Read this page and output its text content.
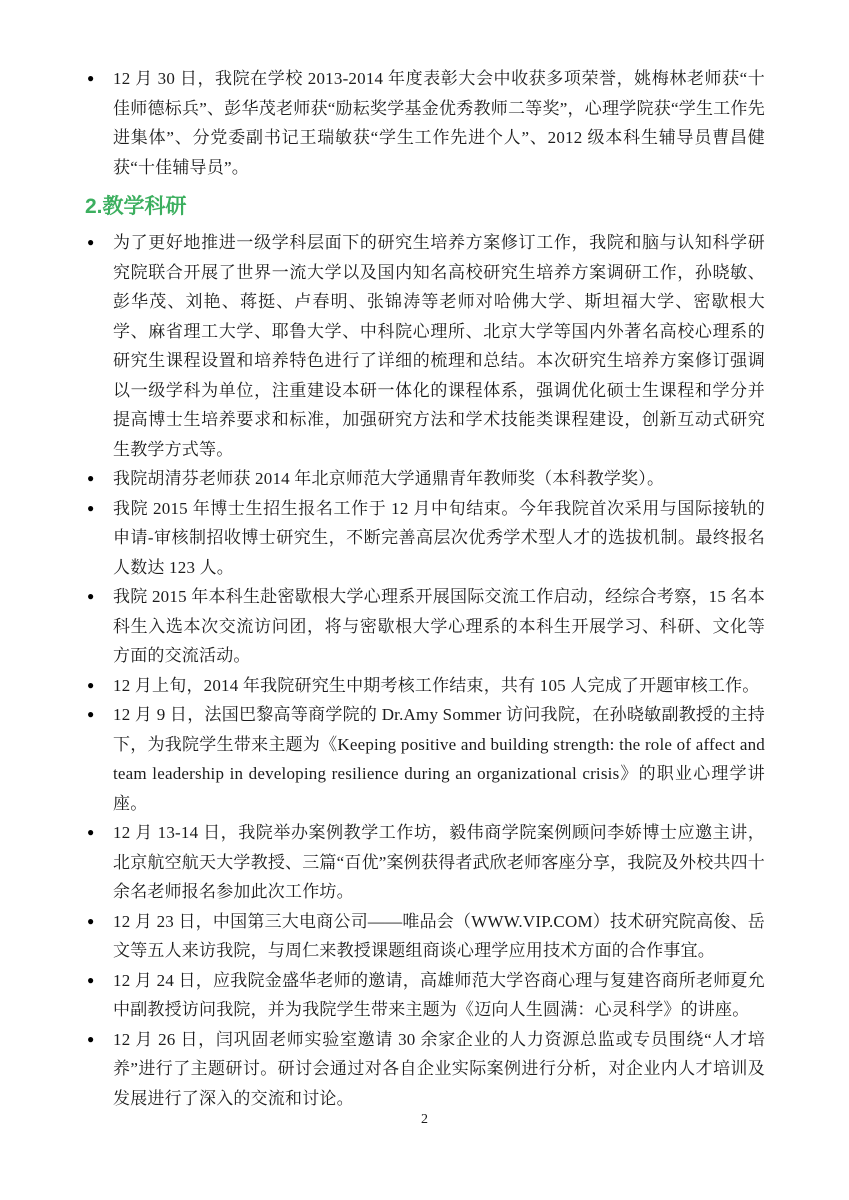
● 12 月 30 日，我院在学校 2013-2014 年度表彰大会中收获多项荣誉，姚梅林老师获“十佳师德标兵”、彭华茂老师获“励耘奖学基金优秀教师二等奖”，心理学院获“学生工作先进集体”、分党委副书记王瑞敏获“学生工作先进个人”、2012 级本科生辅导员曹昌健获“十佳辅导员”。
2.教学科研
● 为了更好地推进一级学科层面下的研究生培养方案修订工作，我院和脑与认知科学研究院联合开展了世界一流大学以及国内知名高校研究生培养方案调研工作，孙晓敏、彭华茂、刘艳、蒋挺、卢春明、张锦涛等老师对哈佛大学、斯坦福大学、密歇根大学、麻省理工大学、耶鲁大学、中科院心理所、北京大学等国内外著名高校心理系的研究生课程设置和培养特色进行了详细的梳理和总结。本次研究生培养方案修订强调以一级学科为单位，注重建设本研一体化的课程体系，强调优化硕士生课程和学分并提高博士生培养要求和标准，加强研究方法和学术技能类课程建设，创新互动式研究生教学方式等。
● 我院胡清芬老师获 2014 年北京师范大学通鼎青年教师奖（本科教学奖）。
● 我院 2015 年博士生招生报名工作于 12 月中旬结束。今年我院首次采用与国际接轨的申请-审核制招收博士研究生，不断完善高层次优秀学术型人才的选拔机制。最终报名人数达 123 人。
● 我院 2015 年本科生赴密歇根大学心理系开展国际交流工作启动，经综合考察，15 名本科生入选本次交流访问团，将与密歇根大学心理系的本科生开展学习、科研、文化等方面的交流活动。
● 12 月上旬，2014 年我院研究生中期考核工作结束，共有 105 人完成了开题审核工作。
● 12 月 9 日，法国巴黎高等商学院的 Dr.Amy Sommer 访问我院，在孙晓敏副教授的主持下，为我院学生带来主题为《Keeping positive and building strength: the role of affect and team leadership in developing resilience during an organizational crisis》的职业心理学讲座。
● 12 月 13-14 日，我院举办案例教学工作坊，毅伟商学院案例顾问李娇博士应邀主讲，北京航空航天大学教授、三篇“百优”案例获得者武欣老师客座分享，我院及外校共四十余名老师报名参加此次工作坊。
● 12 月 23 日，中国第三大电商公司——唯品会（WWW.VIP.COM）技术研究院高俊、岳文等五人来访我院，与周仁来教授课题组商谈心理学应用技术方面的合作事宜。
● 12 月 24 日，应我院金盛华老师的邀请，高雄师范大学咨商心理与复建咨商所老师夏允中副教授访问我院，并为我院学生带来主题为《迈向人生圆满：心灵科学》的讲座。
● 12 月 26 日，闫巩固老师实验室邀请 30 余家企业的人力资源总监或专员围绕“人才培养”进行了主题研讨。研讨会通过对各自企业实际案例进行分析，对企业内人才培训及发展进行了深入的交流和讨论。
2
